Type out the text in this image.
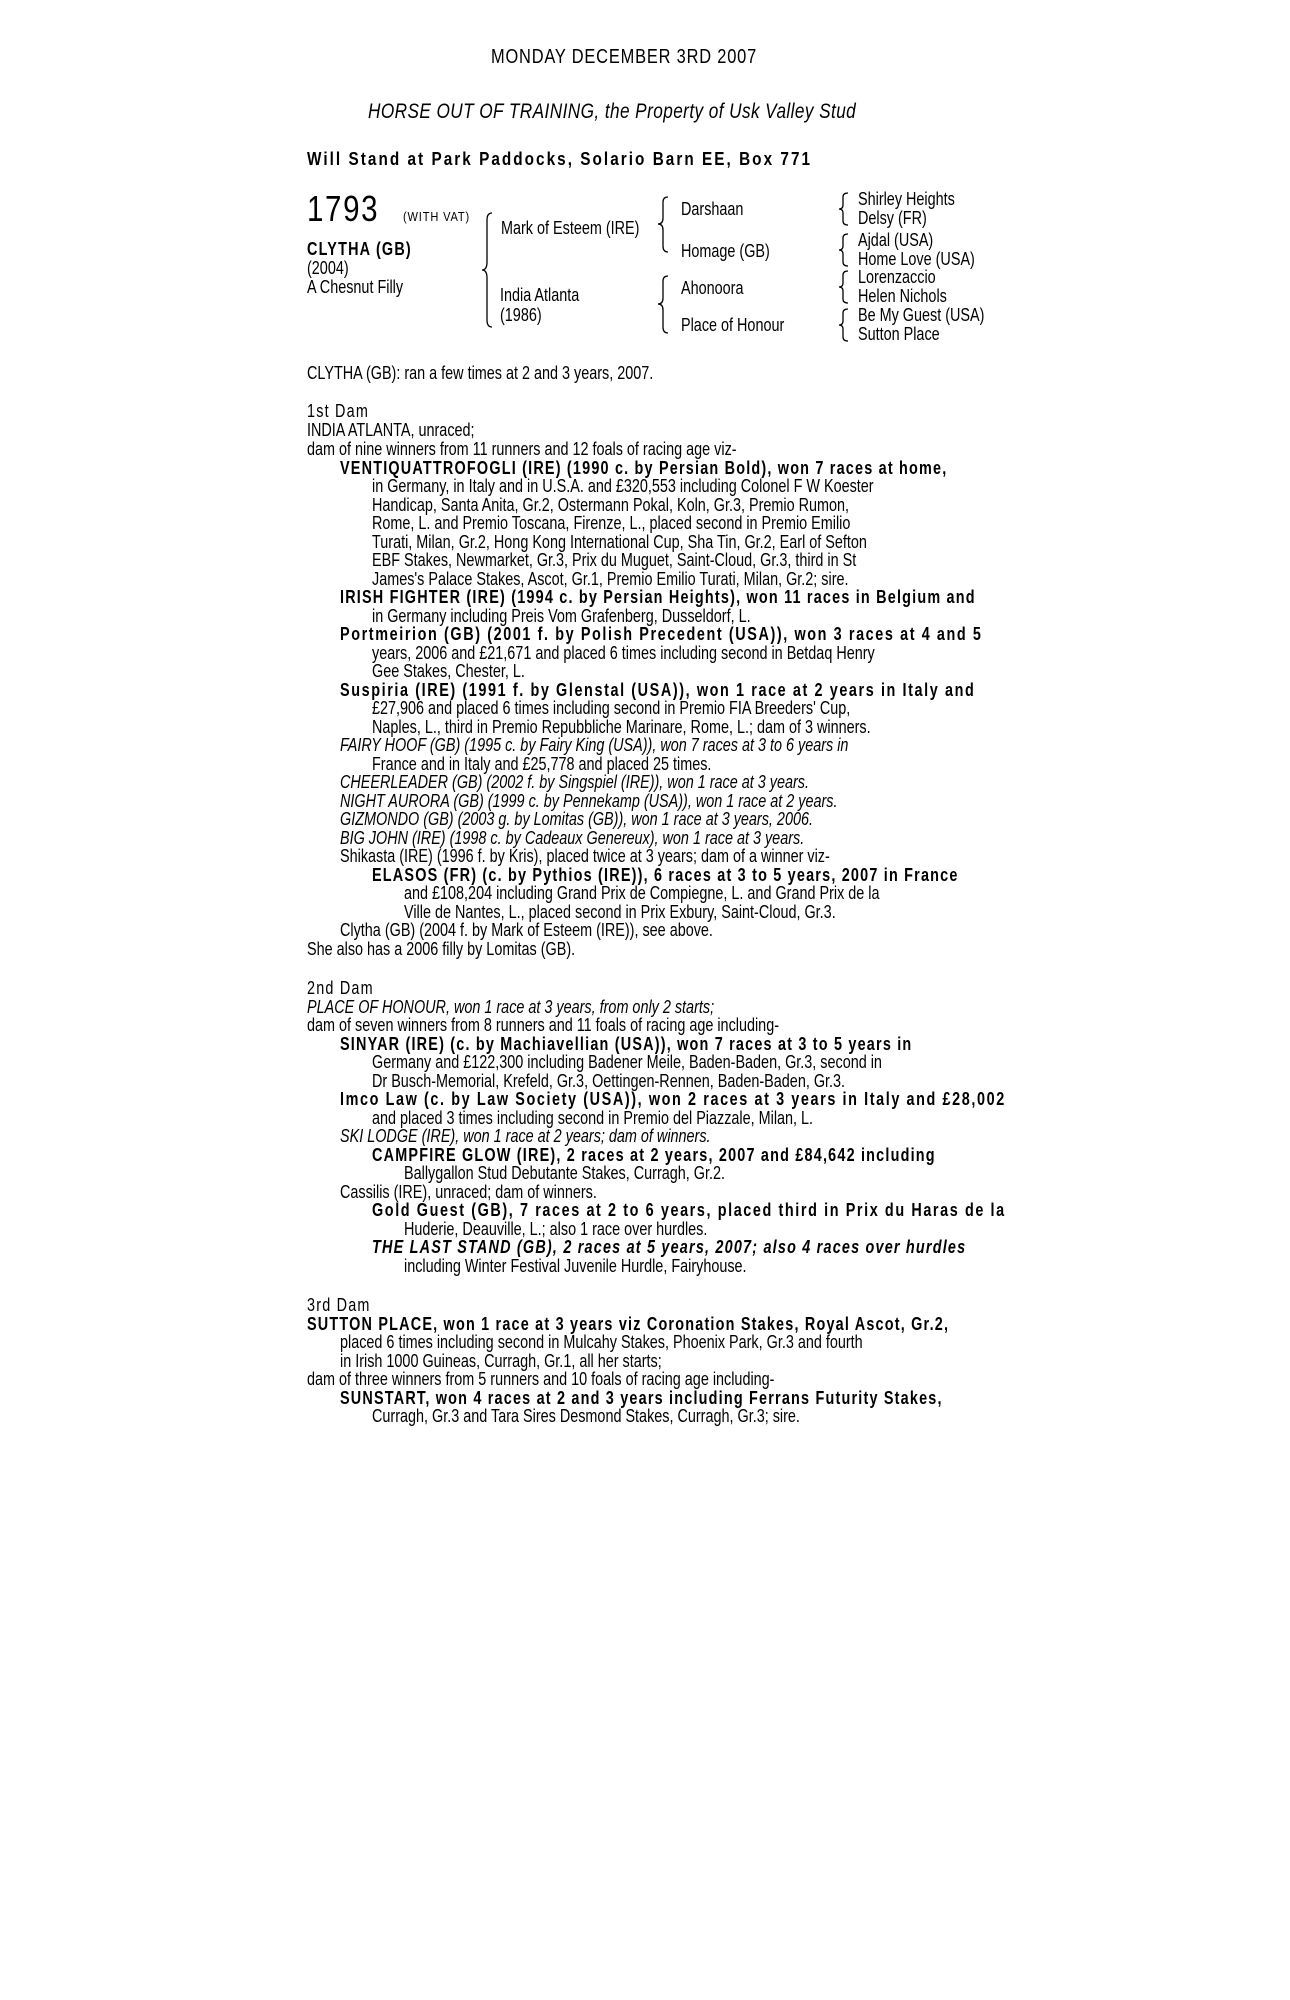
MONDAY DECEMBER 3RD 2007
HORSE OUT OF TRAINING, the Property of Usk Valley Stud
Will Stand at Park Paddocks, Solario Barn EE, Box 771
1793 (WITH VAT)
CLYTHA (GB)
(2004)
A Chesnut Filly
Mark of Esteem (IRE)
India Atlanta
(1986)
Darshaan
Homage (GB)
Ahonoora
Place of Honour
Shirley Heights
Delsy (FR)
Ajdal (USA)
Home Love (USA)
Lorenzaccio
Helen Nichols
Be My Guest (USA)
Sutton Place
CLYTHA (GB): ran a few times at 2 and 3 years, 2007.
1st Dam
INDIA ATLANTA, unraced;
dam of nine winners from 11 runners and 12 foals of racing age viz-
VENTIQUATTROFOGLI (IRE) (1990 c. by Persian Bold), won 7 races at home,
in Germany, in Italy and in U.S.A. and £320,553 including Colonel F W Koester
Handicap, Santa Anita, Gr.2, Ostermann Pokal, Koln, Gr.3, Premio Rumon,
Rome, L. and Premio Toscana, Firenze, L., placed second in Premio Emilio
Turati, Milan, Gr.2, Hong Kong International Cup, Sha Tin, Gr.2, Earl of Sefton
EBF Stakes, Newmarket, Gr.3, Prix du Muguet, Saint-Cloud, Gr.3, third in St
James's Palace Stakes, Ascot, Gr.1, Premio Emilio Turati, Milan, Gr.2; sire.
IRISH FIGHTER (IRE) (1994 c. by Persian Heights), won 11 races in Belgium and
in Germany including Preis Vom Grafenberg, Dusseldorf, L.
Portmeirion (GB) (2001 f. by Polish Precedent (USA)), won 3 races at 4 and 5
years, 2006 and £21,671 and placed 6 times including second in Betdaq Henry
Gee Stakes, Chester, L.
Suspiria (IRE) (1991 f. by Glenstal (USA)), won 1 race at 2 years in Italy and
£27,906 and placed 6 times including second in Premio FIA Breeders' Cup,
Naples, L., third in Premio Repubbliche Marinare, Rome, L.; dam of 3 winners.
FAIRY HOOF (GB) (1995 c. by Fairy King (USA)), won 7 races at 3 to 6 years in
France and in Italy and £25,778 and placed 25 times.
CHEERLEADER (GB) (2002 f. by Singspiel (IRE)), won 1 race at 3 years.
NIGHT AURORA (GB) (1999 c. by Pennekamp (USA)), won 1 race at 2 years.
GIZMONDO (GB) (2003 g. by Lomitas (GB)), won 1 race at 3 years, 2006.
BIG JOHN (IRE) (1998 c. by Cadeaux Genereux), won 1 race at 3 years.
Shikasta (IRE) (1996 f. by Kris), placed twice at 3 years; dam of a winner viz-
ELASOS (FR) (c. by Pythios (IRE)), 6 races at 3 to 5 years, 2007 in France
and £108,204 including Grand Prix de Compiegne, L. and Grand Prix de la
Ville de Nantes, L., placed second in Prix Exbury, Saint-Cloud, Gr.3.
Clytha (GB) (2004 f. by Mark of Esteem (IRE)), see above.
She also has a 2006 filly by Lomitas (GB).
2nd Dam
PLACE OF HONOUR, won 1 race at 3 years, from only 2 starts;
dam of seven winners from 8 runners and 11 foals of racing age including-
SINYAR (IRE) (c. by Machiavellian (USA)), won 7 races at 3 to 5 years in
Germany and £122,300 including Badener Meile, Baden-Baden, Gr.3, second in
Dr Busch-Memorial, Krefeld, Gr.3, Oettingen-Rennen, Baden-Baden, Gr.3.
Imco Law (c. by Law Society (USA)), won 2 races at 3 years in Italy and £28,002
and placed 3 times including second in Premio del Piazzale, Milan, L.
SKI LODGE (IRE), won 1 race at 2 years; dam of winners.
CAMPFIRE GLOW (IRE), 2 races at 2 years, 2007 and £84,642 including
Ballygallon Stud Debutante Stakes, Curragh, Gr.2.
Cassilis (IRE), unraced; dam of winners.
Gold Guest (GB), 7 races at 2 to 6 years, placed third in Prix du Haras de la
Huderie, Deauville, L.; also 1 race over hurdles.
THE LAST STAND (GB), 2 races at 5 years, 2007; also 4 races over hurdles
including Winter Festival Juvenile Hurdle, Fairyhouse.
3rd Dam
SUTTON PLACE, won 1 race at 3 years viz Coronation Stakes, Royal Ascot, Gr.2,
placed 6 times including second in Mulcahy Stakes, Phoenix Park, Gr.3 and fourth
in Irish 1000 Guineas, Curragh, Gr.1, all her starts;
dam of three winners from 5 runners and 10 foals of racing age including-
SUNSTART, won 4 races at 2 and 3 years including Ferrans Futurity Stakes,
Curragh, Gr.3 and Tara Sires Desmond Stakes, Curragh, Gr.3; sire.
